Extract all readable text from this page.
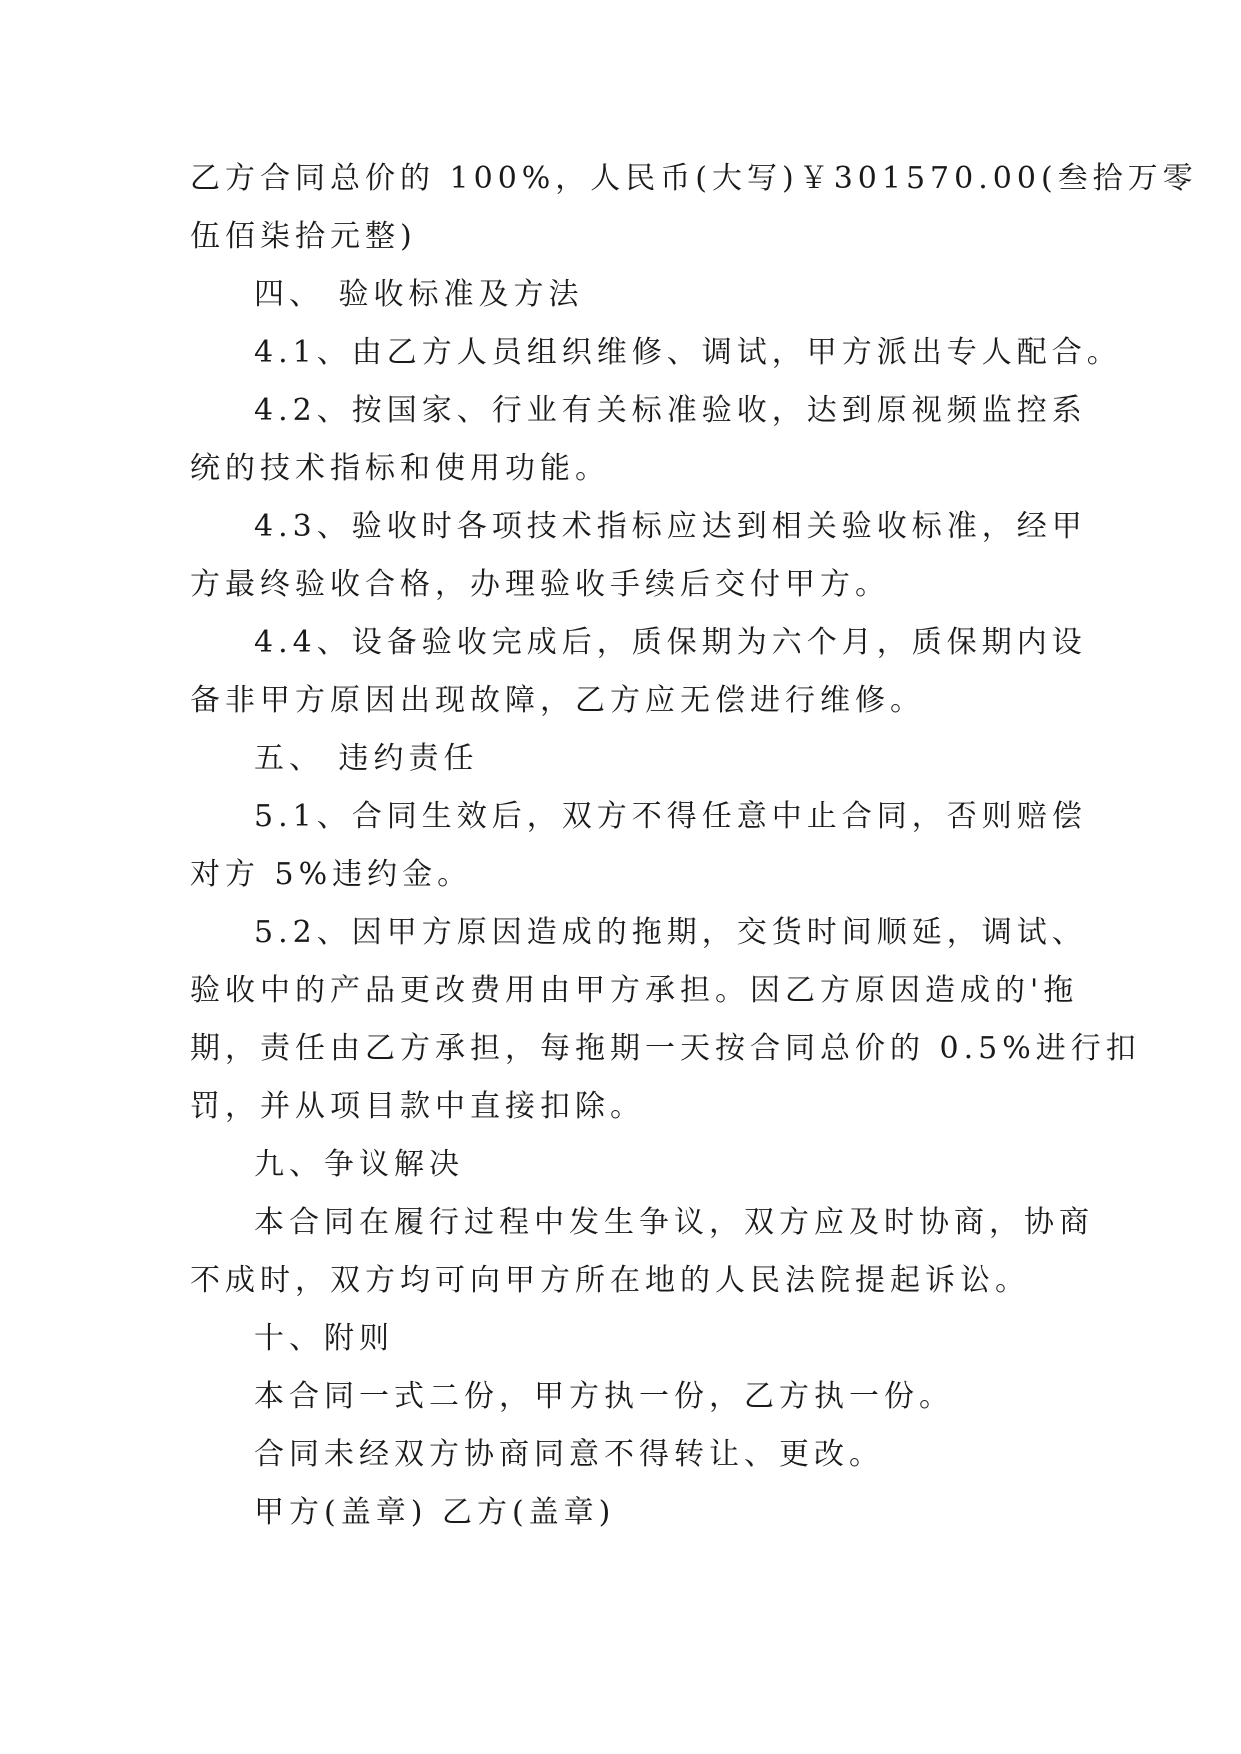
乙方合同总价的 100%，人民币(大写)￥301570.00(叁拾万零
伍佰柒拾元整)
四、 验收标准及方法
4.1、由乙方人员组织维修、调试，甲方派出专人配合。
4.2、按国家、行业有关标准验收，达到原视频监控系
统的技术指标和使用功能。
4.3、验收时各项技术指标应达到相关验收标准，经甲
方最终验收合格，办理验收手续后交付甲方。
4.4、设备验收完成后，质保期为六个月，质保期内设
备非甲方原因出现故障，乙方应无偿进行维修。
五、 违约责任
5.1、合同生效后，双方不得任意中止合同，否则赔偿
对方 5%违约金。
5.2、因甲方原因造成的拖期，交货时间顺延，调试、
验收中的产品更改费用由甲方承担。因乙方原因造成的'拖
期，责任由乙方承担，每拖期一天按合同总价的 0.5%进行扣
罚，并从项目款中直接扣除。
九、争议解决
本合同在履行过程中发生争议，双方应及时协商，协商
不成时，双方均可向甲方所在地的人民法院提起诉讼。
十、附则
本合同一式二份，甲方执一份，乙方执一份。
合同未经双方协商同意不得转让、更改。
甲方(盖章) 乙方(盖章)
